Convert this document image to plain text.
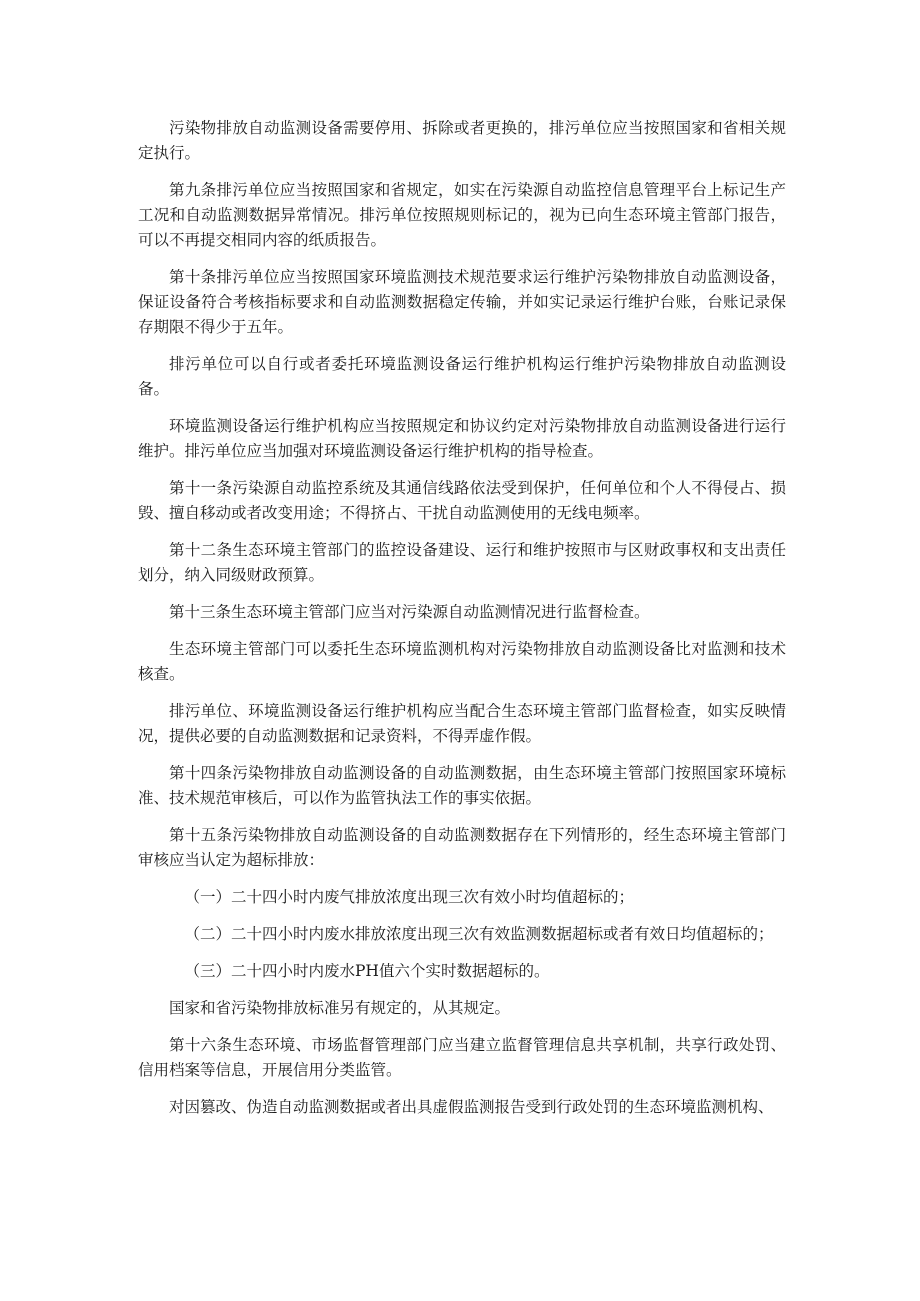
污染物排放自动监测设备需要停用、拆除或者更换的，排污单位应当按照国家和省相关规定执行。

第九条排污单位应当按照国家和省规定，如实在污染源自动监控信息管理平台上标记生产工况和自动监测数据异常情况。排污单位按照规则标记的，视为已向生态环境主管部门报告，可以不再提交相同内容的纸质报告。

第十条排污单位应当按照国家环境监测技术规范要求运行维护污染物排放自动监测设备，保证设备符合考核指标要求和自动监测数据稳定传输，并如实记录运行维护台账，台账记录保存期限不得少于五年。

排污单位可以自行或者委托环境监测设备运行维护机构运行维护污染物排放自动监测设备。

环境监测设备运行维护机构应当按照规定和协议约定对污染物排放自动监测设备进行运行维护。排污单位应当加强对环境监测设备运行维护机构的指导检查。

第十一条污染源自动监控系统及其通信线路依法受到保护，任何单位和个人不得侵占、损毁、擅自移动或者改变用途；不得挤占、干扰自动监测使用的无线电频率。

第十二条生态环境主管部门的监控设备建设、运行和维护按照市与区财政事权和支出责任划分，纳入同级财政预算。

第十三条生态环境主管部门应当对污染源自动监测情况进行监督检查。

生态环境主管部门可以委托生态环境监测机构对污染物排放自动监测设备比对监测和技术核查。

排污单位、环境监测设备运行维护机构应当配合生态环境主管部门监督检查，如实反映情况，提供必要的自动监测数据和记录资料，不得弄虚作假。

第十四条污染物排放自动监测设备的自动监测数据，由生态环境主管部门按照国家环境标准、技术规范审核后，可以作为监管执法工作的事实依据。

第十五条污染物排放自动监测设备的自动监测数据存在下列情形的，经生态环境主管部门审核应当认定为超标排放：

（一）二十四小时内废气排放浓度出现三次有效小时均值超标的；

（二）二十四小时内废水排放浓度出现三次有效监测数据超标或者有效日均值超标的；

（三）二十四小时内废水PH值六个实时数据超标的。

国家和省污染物排放标准另有规定的，从其规定。

第十六条生态环境、市场监督管理部门应当建立监督管理信息共享机制，共享行政处罚、信用档案等信息，开展信用分类监管。

对因篡改、伪造自动监测数据或者出具虚假监测报告受到行政处罚的生态环境监测机构、
